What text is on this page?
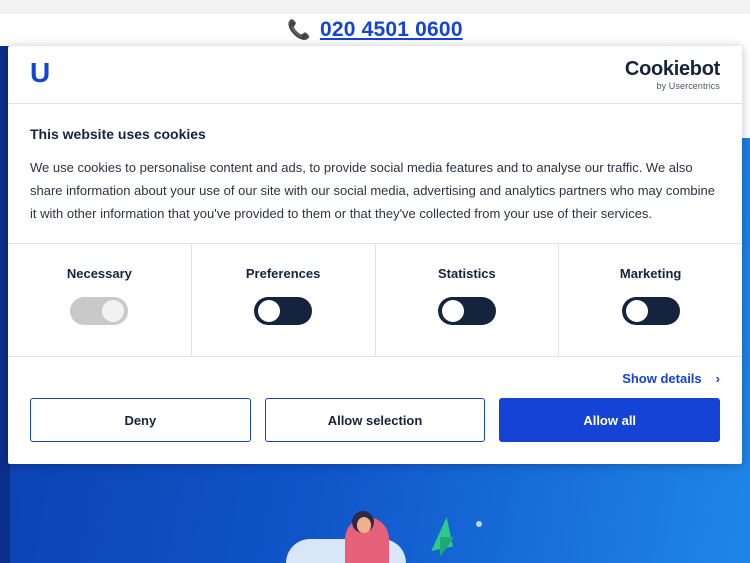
📞 020 4501 0600
U	Cookiebot
by Usercentrics
This website uses cookies

We use cookies to personalise content and ads, to provide social media features and to analyse our traffic. We also share information about your use of our site with our social media, advertising and analytics partners who may combine it with other information that you've provided to them or that they've collected from your use of their services.

Necessary	Preferences	Statistics	Marketing
Show details ›
Deny	Allow selection	Allow all
